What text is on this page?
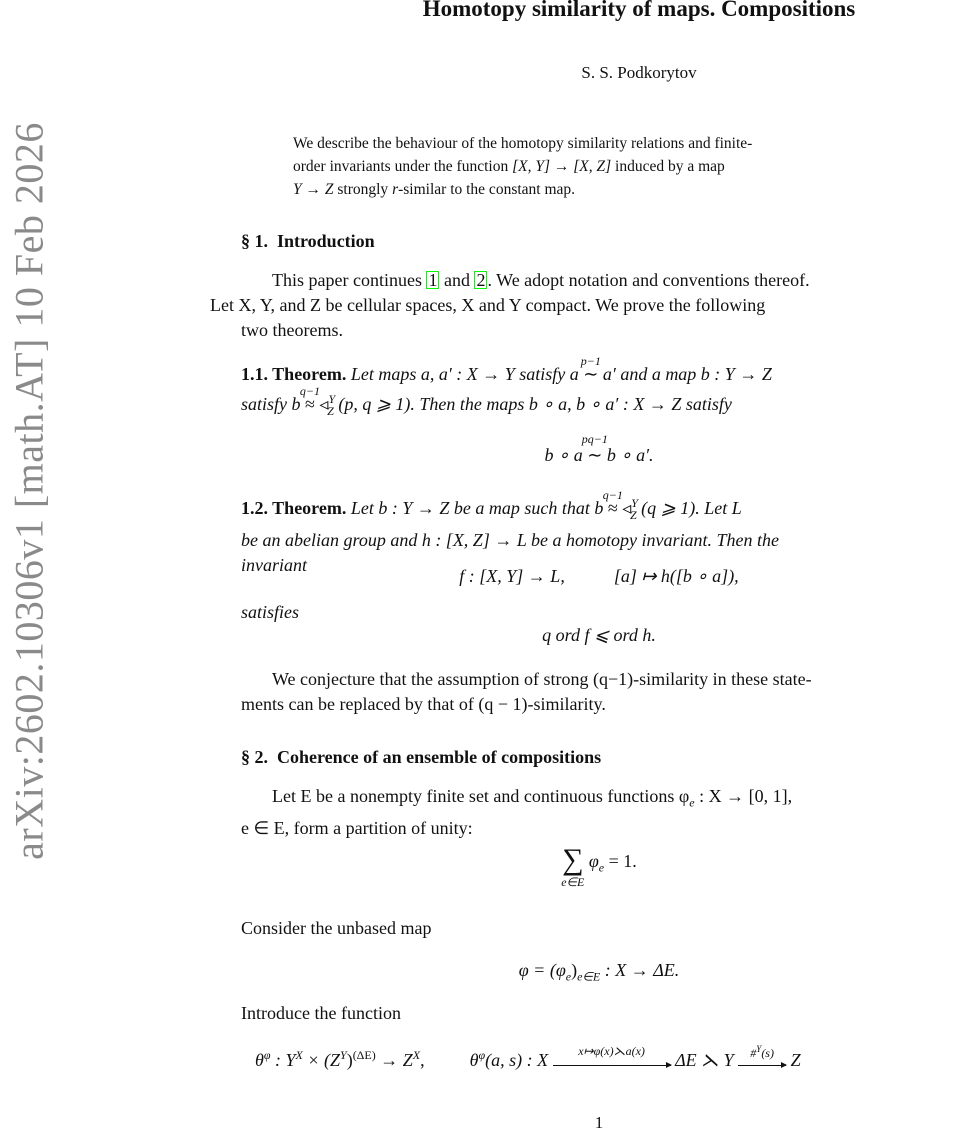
arXiv:2602.10306v1 [math.AT] 10 Feb 2026
Homotopy similarity of maps. Compositions
S. S. Podkorytov
We describe the behaviour of the homotopy similarity relations and finite-
order invariants under the function [X, Y] → [X, Z] induced by a map
Y → Z strongly r-similar to the constant map.
§ 1. Introduction
This paper continues 1 and 2 . We adopt notation and conventions thereof.
Let X, Y, and Z be cellular spaces, X and Y compact. We prove the following
two theorems.
1.1. Theorem. Let maps a, a′ : X → Y satisfy a
p−1
∼ a′ and a map b : Y → Z
satisfy b
q−1
≈ ◃$^Y_Z$ (p, q ⩾ 1). Then the maps b ∘ a, b ∘ a′ : X → Z satisfy
b ∘ a
pq−1
∼ b ∘ a′.
1.2. Theorem. Let b : Y → Z be a map such that b
q−1
≈ ◃$^Y_Z$ (q ⩾ 1). Let L
be an abelian group and h : [X, Z] → L be a homotopy invariant. Then the
invariant
f : [X, Y] → L,	[a] ↦ h([b ∘ a]),
satisfies
q ord f ⩽ ord h.
We conjecture that the assumption of strong (q−1)-similarity in these state-
ments can be replaced by that of (q − 1)-similarity.
§ 2. Coherence of an ensemble of compositions
Let E be a nonempty finite set and continuous functions $\varphi_e$ : X → [0, 1],
e ∈ E, form a partition of unity:
∑
e∈E
$\varphi_e = 1$.
Consider the unbased map
$\varphi = (\varphi_e)_{e\in E}$ : X → ΔE.
Introduce the function
$\theta^\varphi$ : $Y^X \times (Z^Y)^{(\Delta E)} \to Z^X$,	$\theta^\varphi(a$, s) : X	x↦φ(x)⋋a(x)	ΔE ⋋ Y	#$^Y$(s) Z
1
